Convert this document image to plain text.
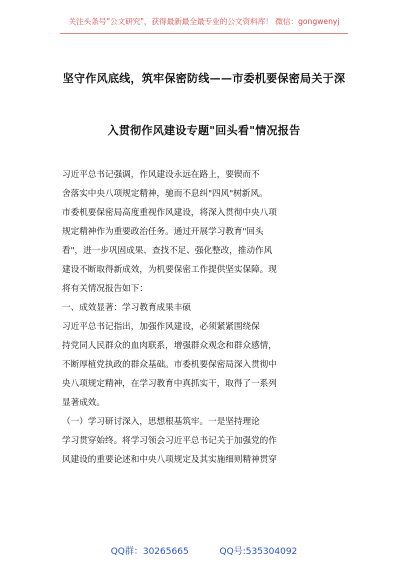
关注头条号"公文研究"，获得最新最全最专业的公文资料库！ 微信：gongwenyj
坚守作风底线，筑牢保密防线——市委机要保密局关于深
入贯彻作风建设专题"回头看"情况报告
习近平总书记强调，作风建设永远在路上，要锲而不
舍落实中央八项规定精神，驰而不息纠"四风"树新风。
市委机要保密局高度重视作风建设，将深入贯彻中央八项
规定精神作为重要政治任务。通过开展学习教育"回头
看"，进一步巩固成果、查找不足、强化整改，推动作风
建设不断取得新成效，为机要保密工作提供坚实保障。现
将有关情况报告如下：
一、成效显著：学习教育成果丰硕
习近平总书记指出，加强作风建设，必须紧紧围绕保
持党同人民群众的血肉联系，增强群众观念和群众感情，
不断厚植党执政的群众基础。市委机要保密局深入贯彻中
央八项规定精神，在学习教育中真抓实干，取得了一系列
显著成效。
（一）学习研讨深入，思想根基筑牢。一是坚持理论
学习贯穿始终。将学习领会习近平总书记关于加强党的作
风建设的重要论述和中央八项规定及其实施细则精神贯穿
QQ群：30265665	QQ号:535304092
